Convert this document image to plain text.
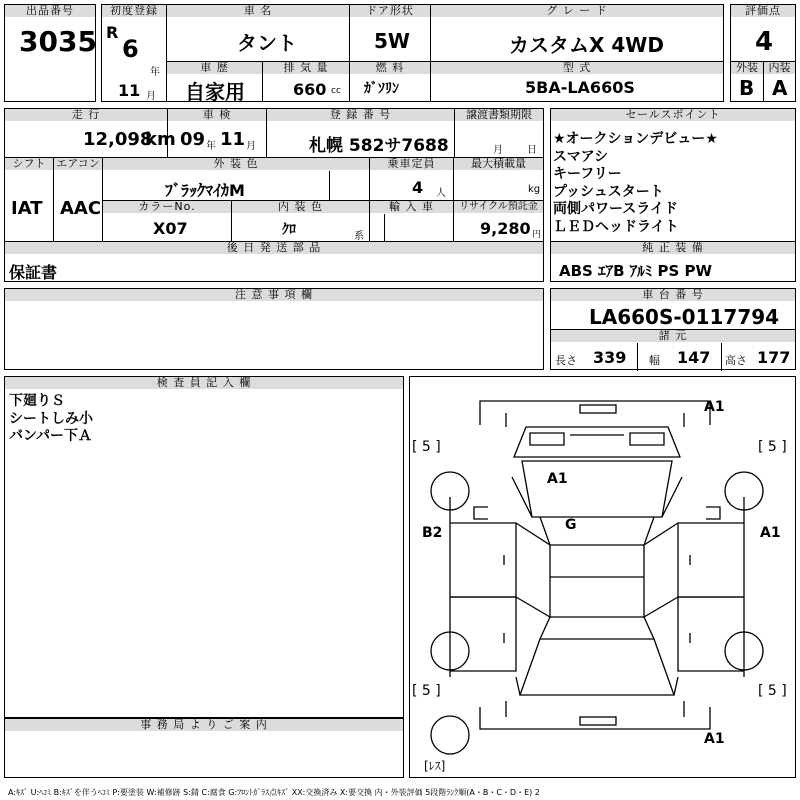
出品番号
3035
初度登録
R
6
年
11 月
車 名
タント
ドア形状
5W
グ レ ー ド
カスタムX 4WD
評価点
4
車 歴
自家用
排 気 量
660 cc
燃 料
ｶﾞｿﾘﾝ
型 式
5BA-LA660S
外装
B
内装
A
走 行
12,098
km
車 検
09 年 11 月
登 録 番 号
札幌 582サ7688
譲渡書類期限
月 日
セールスポイント
★オークションデビュー★
スマアシ
キーフリー
プッシュスタート
両側パワースライド
ＬＥＤヘッドライト
シフト
IAT
エアコン
AAC
外 装 色
ﾌﾞﾗｯｸﾏｲｶM
乗車定員
4 人
最大積載量
kg
カラーNo.
X07
内 装 色
ｸﾛ	系
輸 入 車	リサイクル預託金
9,280 円
後 日 発 送 部 品
保証書
純 正 装 備
ABS ｴｱB ｱﾙﾐ PS PW
注 意 事 項 欄	車 台 番 号
LA660S-0117794
諸 元
長さ 339 幅 147 高さ 177
検 査 員 記 入 欄
下廻りＳ
シートしみ小
バンパー下Ａ
事 務 局 よ り ご 案 内
A1
A1
G
B2	A1
A1
[ 5 ]	[ 5 ]
[ 5 ]	[ 5 ]
[ﾚｽ]
A:ｷｽﾞ U:ﾍｺﾐ B:ｷｽﾞを伴うﾍｺﾐ P:要塗装 W:補修跡 S:錆 C:腐食 G:ﾌﾛﾝﾄｶﾞﾗｽ点ｷｽﾞ XX:交換済み X:要交換 内・外装評価 5段階ﾗﾝｸ順(A・B・C・D・E) 2
